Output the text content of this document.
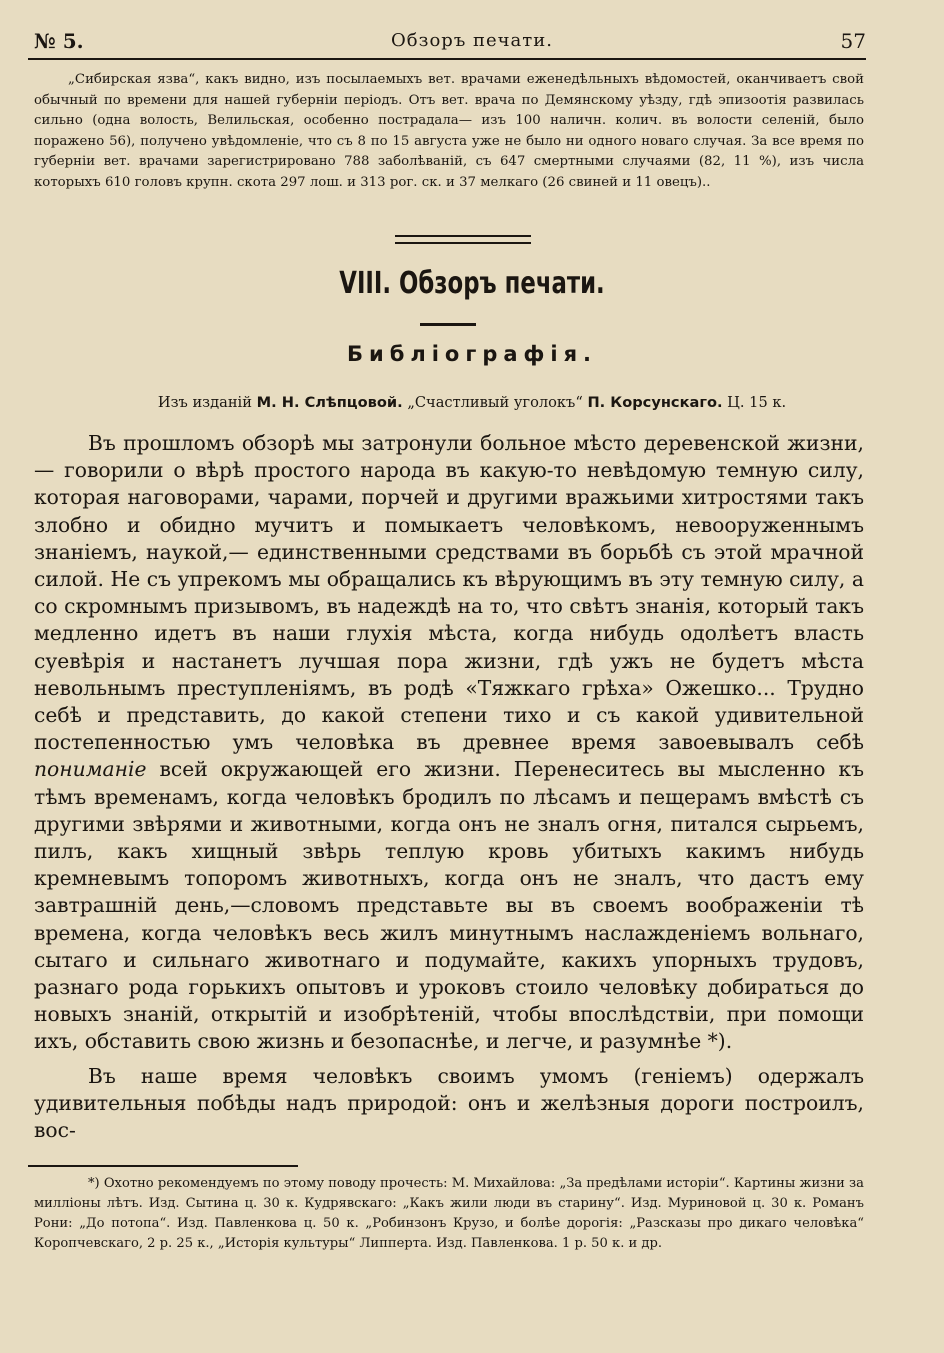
№ 5.	Обзоръ печати.	57

„Сибирская язва“, какъ видно, изъ посылаемыхъ вет. врачами еженедѣльныхъ вѣдомостей, оканчиваетъ свой обычный по времени для нашей губерніи періодъ. Отъ вет. врача по Демянскому уѣзду, гдѣ эпизоотія развилась сильно (одна волость, Велильская, особенно пострадала— изъ 100 наличн. колич. въ волости селеній, было поражено 56), получено увѣдомленіе, что съ 8 по 15 августа уже не было ни одного новаго случая. За все время по губерніи вет. врачами зарегистрировано 788 заболѣваній, съ 647 смертными случаями (82, 11 %), изъ числа которыхъ 610 головъ крупн. скота 297 лош. и 313 рог. ск. и 37 мелкаго (26 свиней и 11 овецъ)..

VIII. Обзоръ печати.
Библіографія.
Изъ изданій М. Н. Слѣпцовой. „Счастливый уголокъ“ П. Корсунскаго. Ц. 15 к.

Въ прошломъ обзорѣ мы затронули больное мѣсто деревенской жизни,— говорили о вѣрѣ простого народа въ какую-то невѣдомую темную силу, которая наговорами, чарами, порчей и другими вражьими хитростями такъ злобно и обидно мучитъ и помыкаетъ человѣкомъ, невооруженнымъ знаніемъ, наукой,— единственными средствами въ борьбѣ съ этой мрачной силой. Не съ упрекомъ мы обращались къ вѣрующимъ въ эту темную силу, а со скромнымъ призывомъ, въ надеждѣ на то, что свѣтъ знанія, который такъ медленно идетъ въ наши глухія мѣста, когда нибудь одолѣетъ власть суевѣрія и настанетъ лучшая пора жизни, гдѣ ужъ не будетъ мѣста невольнымъ преступленіямъ, въ родѣ «Тяжкаго грѣха» Ожешко... Трудно себѣ и представить, до какой степени тихо и съ какой удивительной постепенностью умъ человѣка въ древнее время завоевывалъ себѣ пониманіе всей окружающей его жизни. Перенеситесь вы мысленно къ тѣмъ временамъ, когда человѣкъ бродилъ по лѣсамъ и пещерамъ вмѣстѣ съ другими звѣрями и животными, когда онъ не зналъ огня, питался сырьемъ, пилъ, какъ хищный звѣрь теплую кровь убитыхъ какимъ нибудь кремневымъ топоромъ животныхъ, когда онъ не зналъ, что дастъ ему завтрашній день,—словомъ представьте вы въ своемъ воображеніи тѣ времена, когда человѣкъ весь жилъ минутнымъ наслажденіемъ вольнаго, сытаго и сильнаго животнаго и подумайте, какихъ упорныхъ трудовъ, разнаго рода горькихъ опытовъ и уроковъ стоило человѣку добираться до новыхъ знаній, открытій и изобрѣтеній, чтобы впослѣдствіи, при помощи ихъ, обставить свою жизнь и безопаснѣе, и легче, и разумнѣе *).

Въ наше время человѣкъ своимъ умомъ (геніемъ) одержалъ удивительныя побѣды надъ природой: онъ и желѣзныя дороги построилъ, вос-

*) Охотно рекомендуемъ по этому поводу прочесть: М. Михайлова: „За предѣлами исторіи“. Картины жизни за милліоны лѣтъ. Изд. Сытина ц. 30 к. Кудрявскаго: „Какъ жили люди въ старину“. Изд. Муриновой ц. 30 к. Романъ Рони: „До потопа“. Изд. Павленкова ц. 50 к. „Робинзонъ Крузо, и болѣе дорогія: „Разсказы про дикаго человѣка“ Коропчевскаго, 2 р. 25 к., „Исторія культуры“ Липперта. Изд. Павленкова. 1 р. 50 к. и др.
